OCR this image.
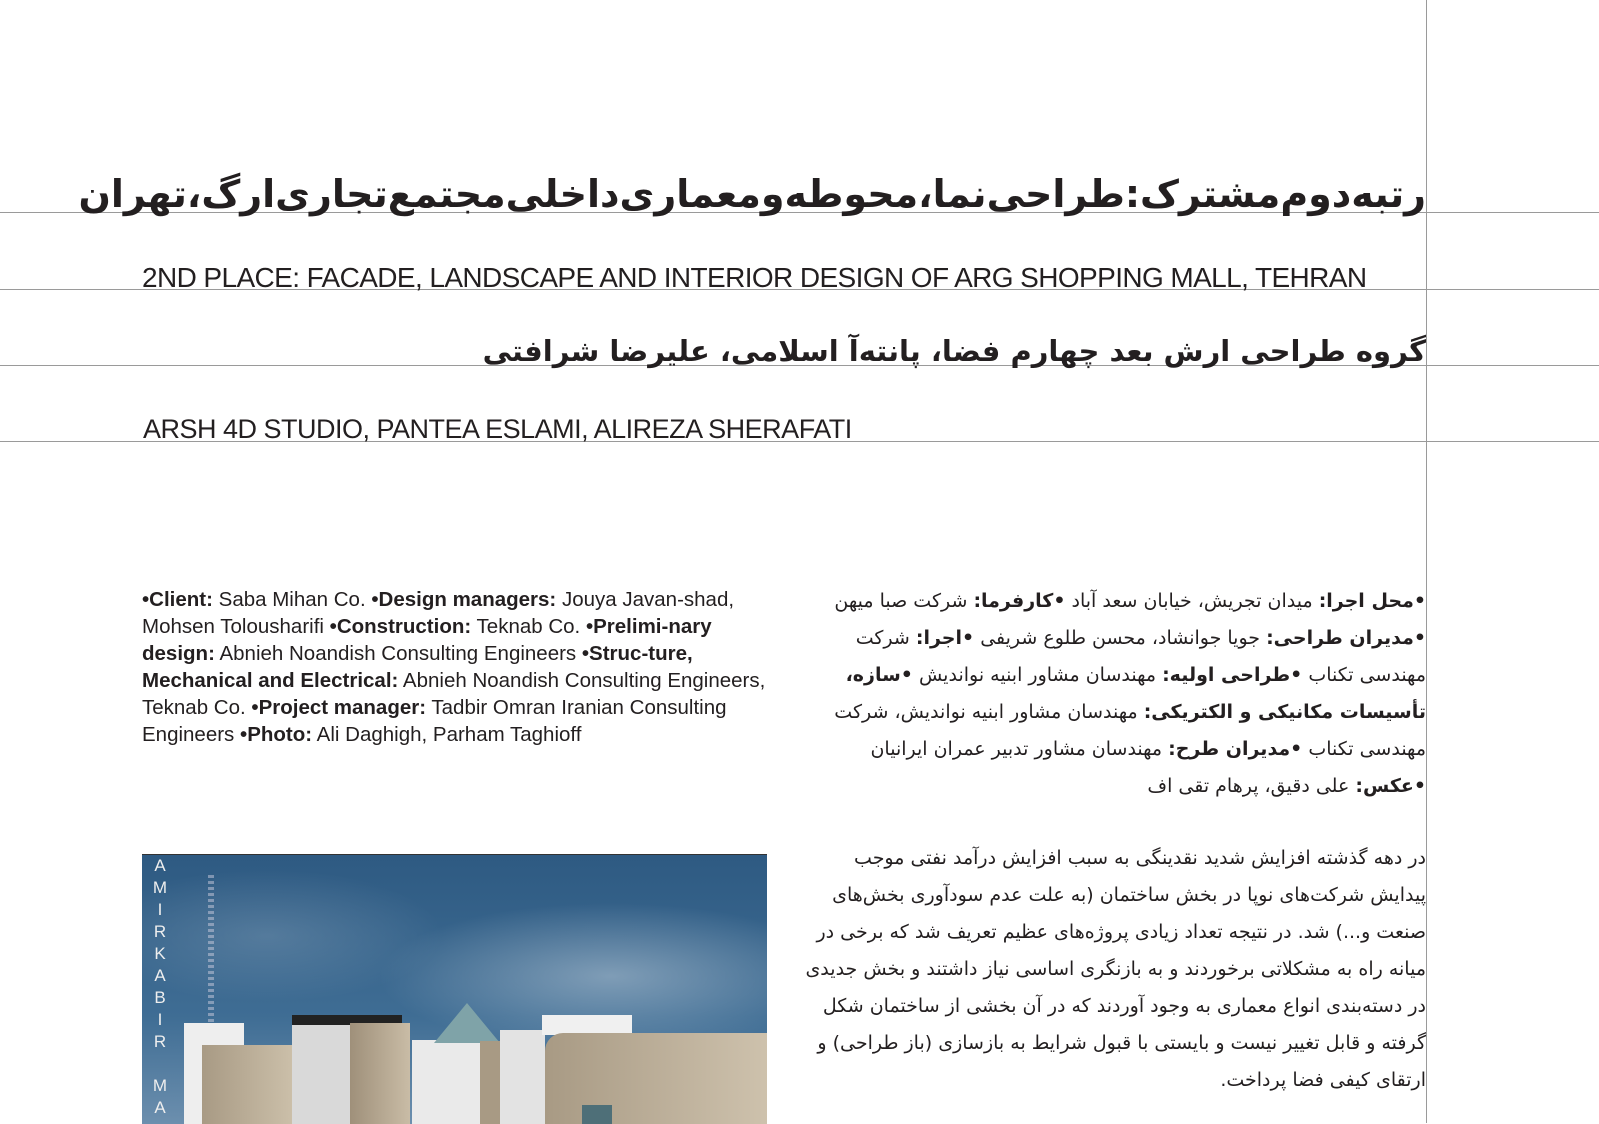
رتبه‌دوم‌مشترک:طراحی‌نما،محوطه‌ومعماری‌داخلی‌مجتمع‌تجاری‌ارگ،تهران
2ND PLACE: FACADE, LANDSCAPE AND INTERIOR DESIGN OF ARG SHOPPING MALL, TEHRAN
گروه طراحی ارش بعد چهارم فضا، پانته‌آ اسلامی، علیرضا شرافتی
ARSH 4D STUDIO, PANTEA ESLAMI, ALIREZA SHERAFATI
•Client: Saba Mihan Co. •Design managers: Jouya Javan-shad, Mohsen Tolousharifi •Construction: Teknab Co. •Prelimi-nary design: Abnieh Noandish Consulting Engineers •Struc-ture, Mechanical and Electrical: Abnieh Noandish Consulting Engineers, Teknab Co. •Project manager: Tadbir Omran Iranian Consulting Engineers •Photo: Ali Daghigh, Parham Taghioff
•محل اجرا: میدان تجریش، خیابان سعد آباد •کارفرما: شرکت صبا میهن •مدیران طراحی: جویا جوانشاد، محسن طلوع شریفی •اجرا: شرکت مهندسی تکناب •طراحی اولیه: مهندسان مشاور ابنیه نواندیش •سازه، تأسیسات مکانیکی و الکتریکی: مهندسان مشاور ابنیه نواندیش، شرکت مهندسی تکناب •مدیران طرح: مهندسان مشاور تدبیر عمران ایرانیان •عکس: علی دقیق، پرهام تقی اف
در دهه گذشته افزایش شدید نقدینگی به سبب افزایش درآمد نفتی موجب پیدایش شرکت‌های نوپا در بخش ساختمان (به علت عدم سودآوری بخش‌های صنعت و...) شد. در نتیجه تعداد زیادی پروژه‌های عظیم تعریف شد که برخی در میانه راه به مشکلاتی برخوردند و به بازنگری اساسی نیاز داشتند و بخش جدیدی در دسته‌بندی انواع معماری به وجود آوردند که در آن بخشی از ساختمان شکل گرفته و قابل تغییر نیست و بایستی با قبول شرایط به بازسازی (باز طراحی) و ارتقای کیفی فضا پرداخت.
A
M
I
R
K
A
B
I
R

M
A
